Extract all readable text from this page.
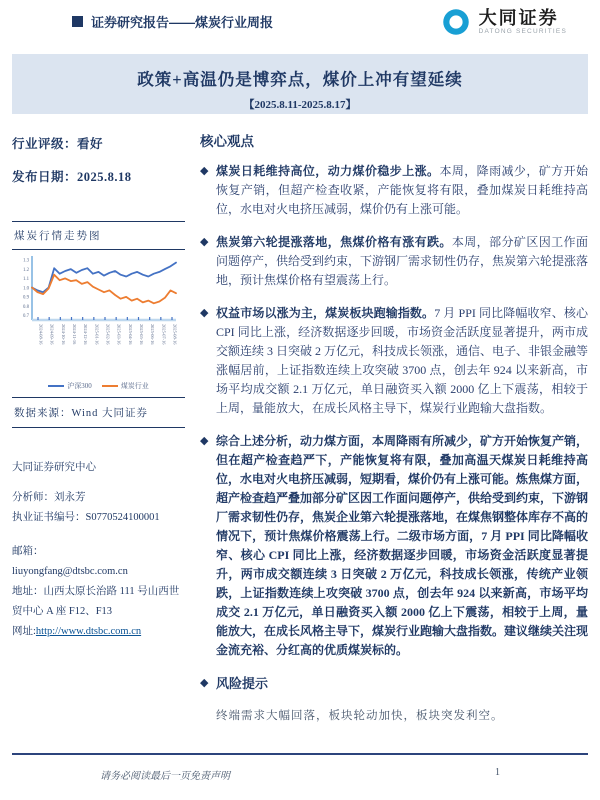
证券研究报告——煤炭行业周报	大同证券
DATONG SECURITIES
政策+高温仍是博弈点，煤价上冲有望延续
【2025.8.11-2025.8.17】
行业评级：看好
发布日期：2025.8.18
煤炭行情走势图
0.7
0.8
0.9
1.0
1.1
1.2
1.3
2024-08-16 2024-09-16 2024-10-16 2024-11-16 2024-12-16 2025-01-16 2025-02-16 2025-03-16 2025-04-16 2025-05-16 2025-06-16 2025-07-16 2025-08-16
沪深300	煤炭行业
数据来源：Wind 大同证券
大同证券研究中心
分析师：刘永芳
执业证书编号：S0770524100001
邮箱：
liuyongfang@dtsbc.com.cn
地址：山西太原长治路 111 号山西世贸中心 A 座 F12、F13
网址:http://www.dtsbc.com.cn
核心观点
◆ 煤炭日耗维持高位，动力煤价稳步上涨。本周，降雨减少，矿方开始恢复产销，但超产检查收紧，产能恢复将有限，叠加煤炭日耗维持高位，水电对火电挤压减弱，煤价仍有上涨可能。

◆ 焦炭第六轮提涨落地，焦煤价格有涨有跌。本周，部分矿区因工作面问题停产，供给受到约束，下游钢厂需求韧性仍存，焦炭第六轮提涨落地，预计焦煤价格有望震荡上行。

◆ 权益市场以涨为主，煤炭板块跑输指数。7 月 PPI 同比降幅收窄、核心 CPI 同比上涨，经济数据逐步回暖，市场资金活跃度显著提升，两市成交额连续 3 日突破 2 万亿元，科技成长领涨，通信、电子、非银金融等涨幅居前，上证指数连续上攻突破 3700 点，创去年 924 以来新高，市场平均成交额 2.1 万亿元，单日融资买入额 2000 亿上下震荡，相较于上周，量能放大，在成长风格主导下，煤炭行业跑输大盘指数。

◆ 综合上述分析，动力煤方面，本周降雨有所减少，矿方开始恢复产销，但在超产检查趋严下，产能恢复将有限，叠加高温天煤炭日耗维持高位，水电对火电挤压减弱，短期看，煤价仍有上涨可能。炼焦煤方面，超产检查趋严叠加部分矿区因工作面问题停产，供给受到约束，下游钢厂需求韧性仍存，焦炭企业第六轮提涨落地，在煤焦钢整体库存不高的情况下，预计焦煤价格震荡上行。二级市场方面，7 月 PPI 同比降幅收窄、核心 CPI 同比上涨，经济数据逐步回暖，市场资金活跃度显著提升，两市成交额连续 3 日突破 2 万亿元，科技成长领涨，传统产业领跌，上证指数连续上攻突破 3700 点，创去年 924 以来新高，市场平均成交 2.1 万亿元，单日融资买入额 2000 亿上下震荡，相较于上周，量能放大，在成长风格主导下，煤炭行业跑输大盘指数。建议继续关注现金流充裕、分红高的优质煤炭标的。

◆ 风险提示

终端需求大幅回落，板块轮动加快，板块突发利空。

请务必阅读最后一页免责声明	1
